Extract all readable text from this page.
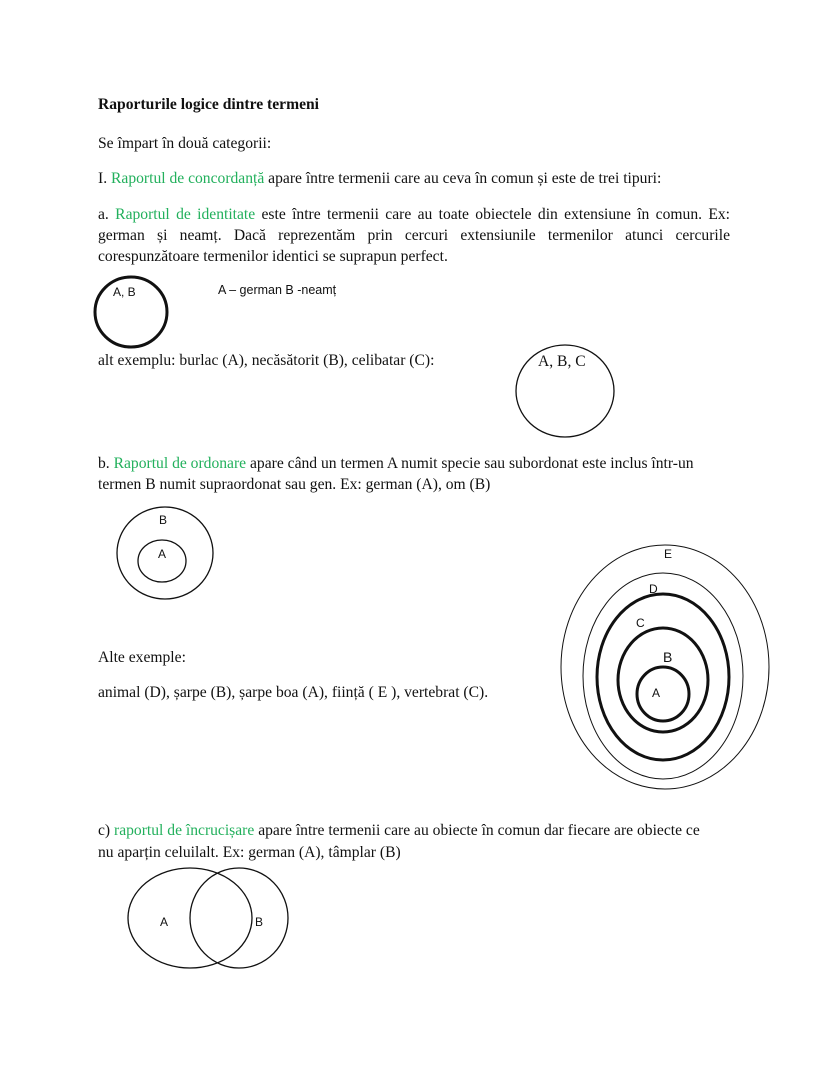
Raporturile logice dintre termeni
Se împart în două categorii:
I. Raportul de concordanță apare între termenii care au ceva în comun și este de trei tipuri:
a. Raportul de identitate este între termenii care au toate obiectele din extensiune în comun. Ex: german și neamț. Dacă reprezentăm prin cercuri extensiunile termenilor atunci cercurile corespunzătoare termenilor identici se suprapun perfect.
A – german B -neamț
alt exemplu: burlac (A), necăsătorit (B), celibatar (C):
b. Raportul de ordonare apare când un termen A numit specie sau subordonat este inclus într-un
termen B numit supraordonat sau gen. Ex: german (A), om (B)
Alte exemple:
animal (D), șarpe (B), șarpe boa (A), ființă ( E ), vertebrat (C).
c) raportul de încrucișare apare între termenii care au obiecte în comun dar fiecare are obiecte ce
nu aparțin celuilalt. Ex: german (A), tâmplar (B)
A, B
A, B, C
B
A	E
D
C
B
A
A	B
